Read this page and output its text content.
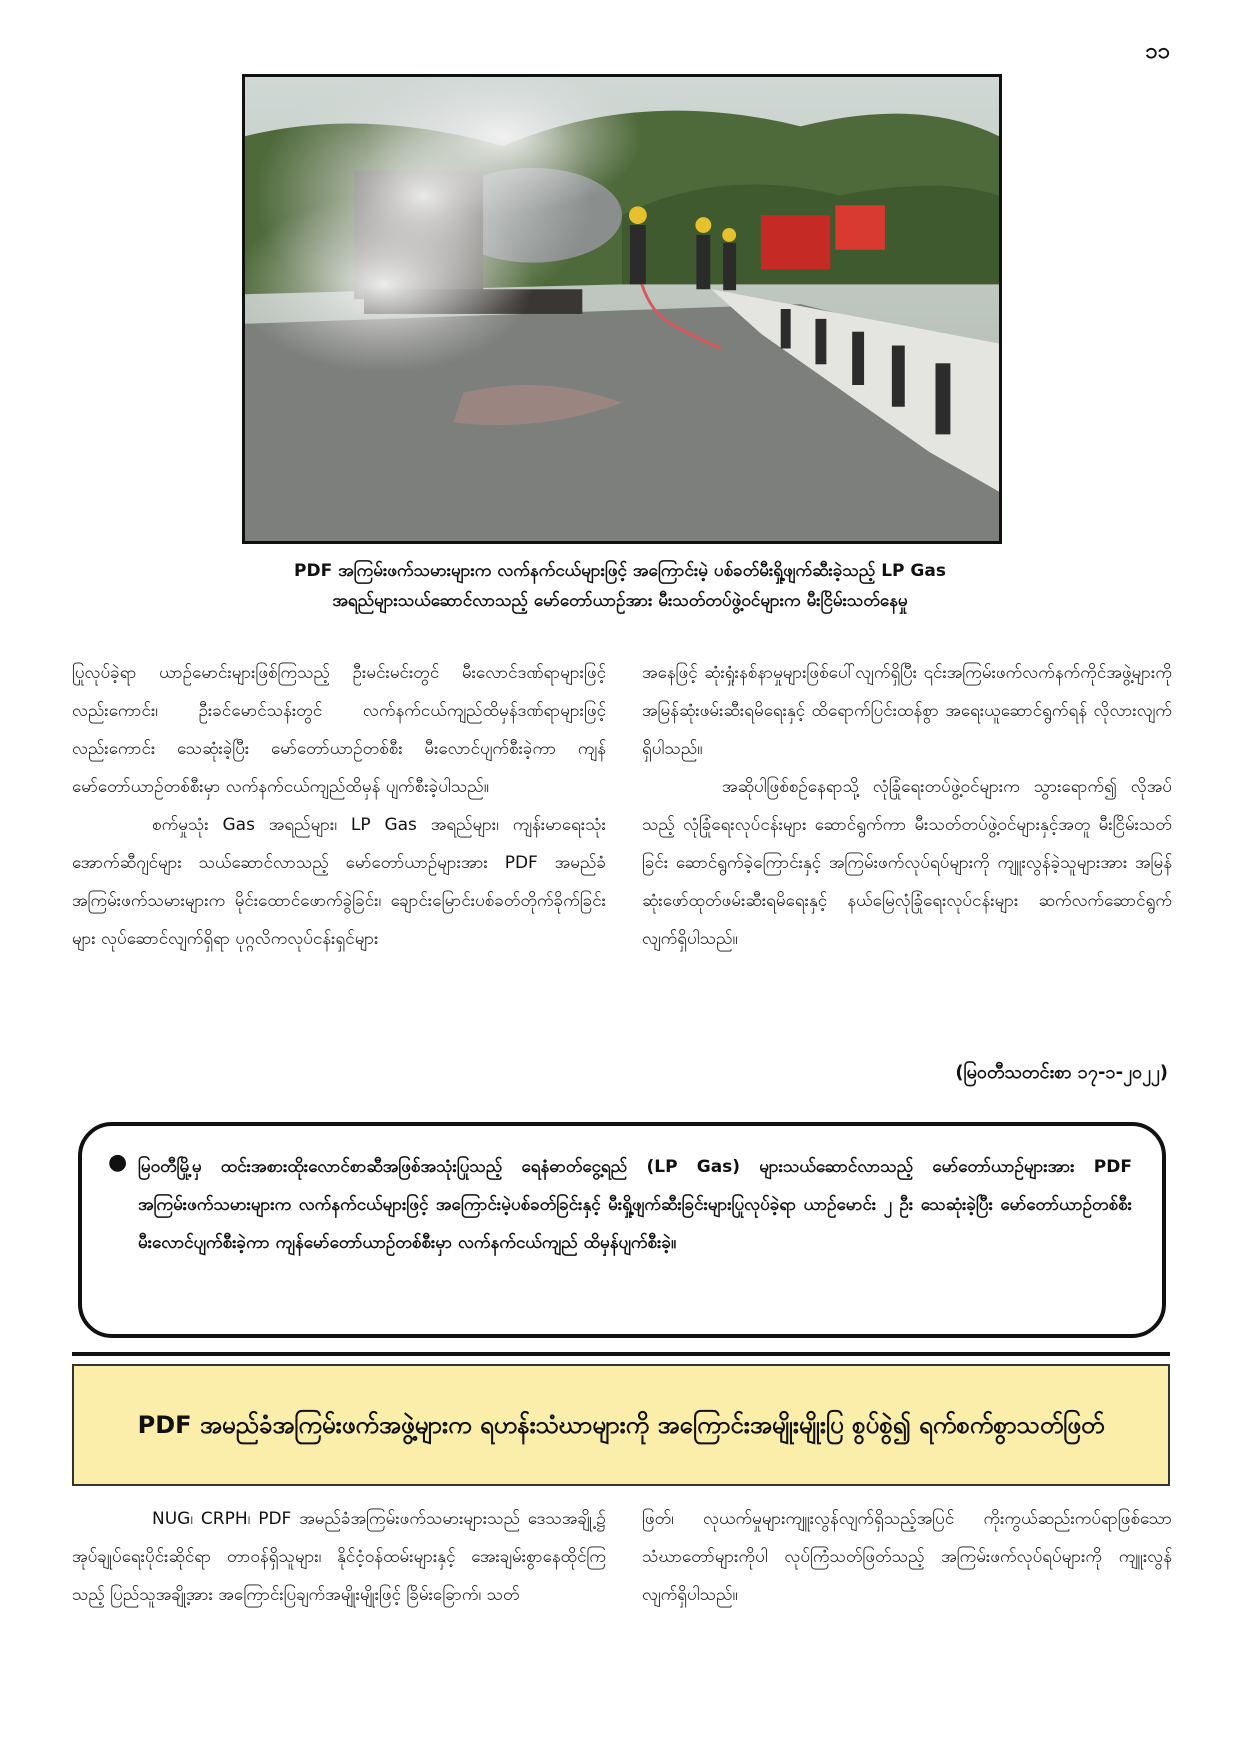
၁၁
PDF အကြမ်းဖက်သမားများက လက်နက်ငယ်များဖြင့် အကြောင်းမဲ့ ပစ်ခတ်မီးရှို့ဖျက်ဆီးခဲ့သည့် LP Gas
အရည်များသယ်ဆောင်လာသည့် မော်တော်ယာဉ်အား မီးသတ်တပ်ဖွဲ့ဝင်များက မီးငြိမ်းသတ်နေမှု

ပြုလုပ်ခဲ့ရာ ယာဉ်မောင်းများဖြစ်ကြသည့် ဦးမင်းမင်းတွင် မီးလောင်ဒဏ်ရာများဖြင့် လည်းကောင်း၊ ဦးခင်မောင်သန်းတွင် လက်နက်ငယ်ကျည်ထိမှန်ဒဏ်ရာများဖြင့်လည်းကောင်း သေဆုံးခဲ့ပြီး မော်တော်ယာဉ်တစ်စီး မီးလောင်ပျက်စီးခဲ့ကာ ကျန်မော်တော်ယာဉ်တစ်စီးမှာ လက်နက်ငယ်ကျည်ထိမှန် ပျက်စီးခဲ့ပါသည်။

စက်မှုသုံး Gas အရည်များ၊ LP Gas အရည်များ၊ ကျန်းမာရေးသုံး အောက်ဆီဂျင်များ သယ်ဆောင်လာသည့် မော်တော်ယာဉ်များအား PDF အမည်ခံ အကြမ်းဖက်သမားများက မိုင်းထောင်ဖောက်ခွဲခြင်း၊ ချောင်းမြောင်းပစ်ခတ်တိုက်ခိုက်ခြင်းများ လုပ်ဆောင်လျက်ရှိရာ ပုဂ္ဂလိကလုပ်ငန်းရှင်များ

အနေဖြင့် ဆုံးရှုံးနစ်နာမှုများဖြစ်ပေါ်လျက်ရှိပြီး ၎င်းအကြမ်းဖက်လက်နက်ကိုင်အဖွဲ့များကို အမြန်ဆုံးဖမ်းဆီးရမိရေးနှင့် ထိရောက်ပြင်းထန်စွာ အရေးယူဆောင်ရွက်ရန် လိုလားလျက်ရှိပါသည်။

အဆိုပါဖြစ်စဉ်နေရာသို့ လုံခြုံရေးတပ်ဖွဲ့ဝင်များက သွားရောက်၍ လိုအပ်သည့် လုံခြုံရေးလုပ်ငန်းများ ဆောင်ရွက်ကာ မီးသတ်တပ်ဖွဲ့ဝင်များနှင့်အတူ မီးငြိမ်းသတ်ခြင်း ဆောင်ရွက်ခဲ့ကြောင်းနှင့် အကြမ်းဖက်လုပ်ရပ်များကို ကျူးလွန်ခဲ့သူများအား အမြန်ဆုံးဖော်ထုတ်ဖမ်းဆီးရမိရေးနှင့် နယ်မြေလုံခြုံရေးလုပ်ငန်းများ ဆက်လက်ဆောင်ရွက်လျက်ရှိပါသည်။

(မြဝတီသတင်းစာ ၁၇-၁-၂၀၂၂)
● မြဝတီမြို့မှ ထင်းအစားထိုးလောင်စာဆီအဖြစ်အသုံးပြုသည့် ရေနံဓာတ်ငွေ့ရည် (LP Gas) များသယ်ဆောင်လာသည့် မော်တော်ယာဉ်များအား PDF အကြမ်းဖက်သမားများက လက်နက်ငယ်များဖြင့် အကြောင်းမဲ့ပစ်ခတ်ခြင်းနှင့် မီးရှို့ဖျက်ဆီးခြင်းများပြုလုပ်ခဲ့ရာ ယာဉ်မောင်း ၂ ဦး သေဆုံးခဲ့ပြီး မော်တော်ယာဉ်တစ်စီး မီးလောင်ပျက်စီးခဲ့ကာ ကျန်မော်တော်ယာဉ်တစ်စီးမှာ လက်နက်ငယ်ကျည် ထိမှန်ပျက်စီးခဲ့။
PDF အမည်ခံအကြမ်းဖက်အဖွဲ့များက ရဟန်းသံဃာများကို အကြောင်းအမျိုးမျိုးပြ စွပ်စွဲ၍ ရက်စက်စွာသတ်ဖြတ်

NUG၊ CRPH၊ PDF အမည်ခံအကြမ်းဖက်သမားများသည် ဒေသအချို့၌ အုပ်ချုပ်ရေးပိုင်းဆိုင်ရာ တာဝန်ရှိသူများ၊ နိုင်ငံ့ဝန်ထမ်းများနှင့် အေးချမ်းစွာနေထိုင်ကြသည့် ပြည်သူအချို့အား အကြောင်းပြချက်အမျိုးမျိုးဖြင့် ခြိမ်းခြောက်၊ သတ်

ဖြတ်၊ လုယက်မှုများကျူးလွန်လျက်ရှိသည့်အပြင် ကိုးကွယ်ဆည်းကပ်ရာဖြစ်သော သံဃာတော်များကိုပါ လုပ်ကြံသတ်ဖြတ်သည့် အကြမ်းဖက်လုပ်ရပ်များကို ကျူးလွန်လျက်ရှိပါသည်။
